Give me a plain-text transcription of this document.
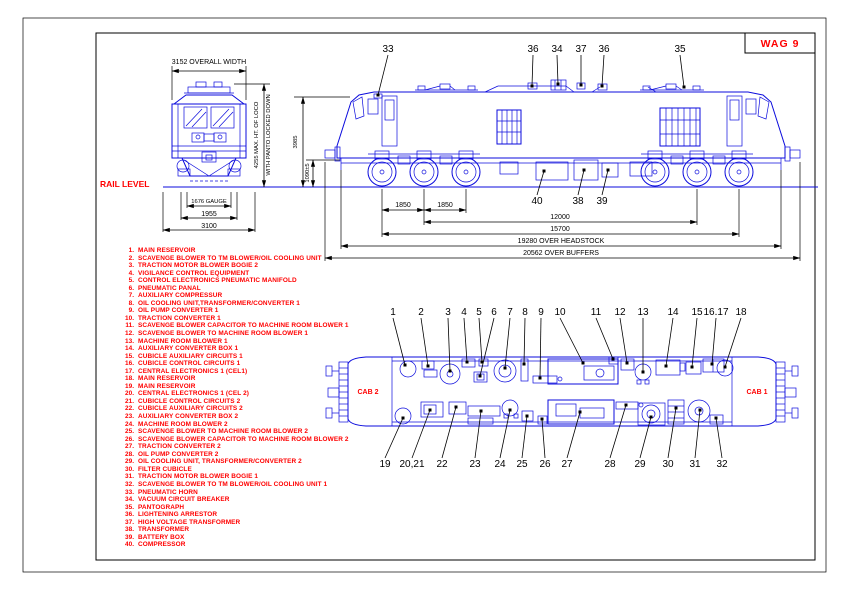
WAG 9
RAIL LEVEL
3152 OVERALL WIDTH
4255 MAX. HT. OF LOCO WITH PANTO LOCKED DOWN	3985
1090±5
1676 GAUGE
1955
3100
1850	1850
12000
15700
19280 OVER HEADSTOCK
20562 OVER BUFFERS
33	36 34 37 36	35
40	38 39
CAB 2	CAB 1
1 2 3 4 5 6 7 8 9 10	11 12 13 14 15 16.17 18
19 20,21 22 23 24 25 26 27	28 29 30 31 32
1. MAIN RESERVOIR
2. SCAVENGE BLOWER TO TM BLOWER/OIL COOLING UNIT
3. TRACTION MOTOR BLOWER BOGIE 2
4. VIGILANCE CONTROL EQUIPMENT
5. CONTROL ELECTRONICS PNEUMATIC MANIFOLD
6. PNEUMATIC PANAL
7. AUXILIARY COMPRESSUR
8. OIL COOLING UNIT,TRANSFORMER/CONVERTER 1
9. OIL PUMP CONVERTER 1
10. TRACTION CONVERTER 1
11. SCAVENGE BLOWER CAPACITOR TO MACHINE ROOM BLOWER 1
12. SCAVENGE BLOWER TO MACHINE ROOM BLOWER 1
13. MACHINE ROOM BLOWER 1
14. AUXILIARY CONVERTER BOX 1
15. CUBICLE AUXILIARY CIRCUITS 1
16. CUBICLE CONTROL CIRCUITS 1
17. CENTRAL ELECTRONICS 1 (CEL1)
18. MAIN RESERVOIR
19. MAIN RESERVOIR
20. CENTRAL ELECTRONICS 1 (CEL 2)
21. CUBICLE CONTROL CIRCUITS 2
22. CUBICLE AUXILIARY CIRCUITS 2
23. AUXILIARY CONVERTER BOX 2
24. MACHINE ROOM BLOWER 2
25. SCAVENGE BLOWER TO MACHINE ROOM BLOWER 2
26. SCAVENGE BLOWER CAPACITOR TO MACHINE ROOM BLOWER 2
27. TRACTION CONVERTER 2
28. OIL PUMP CONVERTER 2
29. OIL COOLING UNIT, TRANSFORMER/CONVERTER 2
30. FILTER CUBICLE
31. TRACTION MOTOR BLOWER BOGIE 1
32. SCAVENGE BLOWER TO TM BLOWER/OIL COOLING UNIT 1
33. PNEUMATIC HORN
34. VACUUM CIRCUIT BREAKER
35. PANTOGRAPH
36. LIGHTENING ARRESTOR
37. HIGH VOLTAGE TRANSFORMER
38. TRANSFORMER
39. BATTERY BOX
40. COMPRESSOR
